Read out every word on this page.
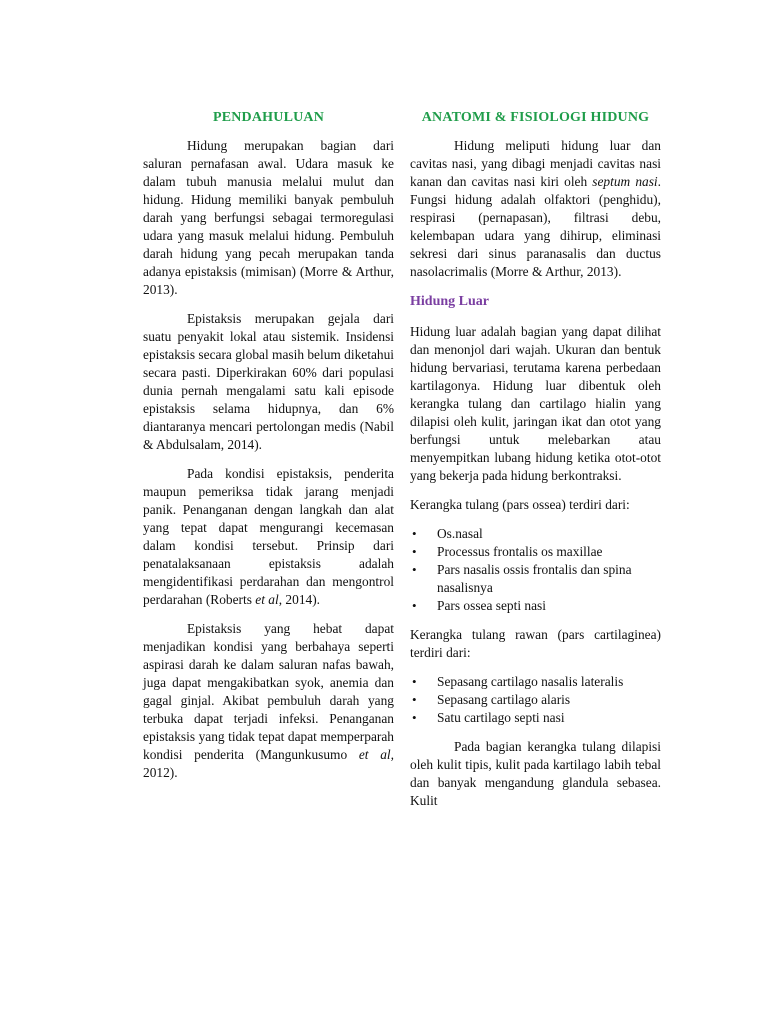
PENDAHULUAN

Hidung merupakan bagian dari saluran pernafasan awal. Udara masuk ke dalam tubuh manusia melalui mulut dan hidung. Hidung memiliki banyak pembuluh darah yang berfungsi sebagai termoregulasi udara yang masuk melalui hidung. Pembuluh darah hidung yang pecah merupakan tanda adanya epistaksis (mimisan) (Morre & Arthur, 2013).

Epistaksis merupakan gejala dari suatu penyakit lokal atau sistemik. Insidensi epistaksis secara global masih belum diketahui secara pasti. Diperkirakan 60% dari populasi dunia pernah mengalami satu kali episode epistaksis selama hidupnya, dan 6% diantaranya mencari pertolongan medis (Nabil & Abdulsalam, 2014).

Pada kondisi epistaksis, penderita maupun pemeriksa tidak jarang menjadi panik. Penanganan dengan langkah dan alat yang tepat dapat mengurangi kecemasan dalam kondisi tersebut. Prinsip dari penatalaksanaan epistaksis adalah mengidentifikasi perdarahan dan mengontrol perdarahan (Roberts et al, 2014).

Epistaksis yang hebat dapat menjadikan kondisi yang berbahaya seperti aspirasi darah ke dalam saluran nafas bawah, juga dapat mengakibatkan syok, anemia dan gagal ginjal. Akibat pembuluh darah yang terbuka dapat terjadi infeksi. Penanganan epistaksis yang tidak tepat dapat memperparah kondisi penderita (Mangunkusumo et al, 2012).

ANATOMI & FISIOLOGI HIDUNG

Hidung meliputi hidung luar dan cavitas nasi, yang dibagi menjadi cavitas nasi kanan dan cavitas nasi kiri oleh septum nasi. Fungsi hidung adalah olfaktori (penghidu), respirasi (pernapasan), filtrasi debu, kelembapan udara yang dihirup, eliminasi sekresi dari sinus paranasalis dan ductus nasolacrimalis (Morre & Arthur, 2013).

Hidung Luar

Hidung luar adalah bagian yang dapat dilihat dan menonjol dari wajah. Ukuran dan bentuk hidung bervariasi, terutama karena perbedaan kartilagonya. Hidung luar dibentuk oleh kerangka tulang dan cartilago hialin yang dilapisi oleh kulit, jaringan ikat dan otot yang berfungsi untuk melebarkan atau menyempitkan lubang hidung ketika otot-otot yang bekerja pada hidung berkontraksi.

Kerangka tulang (pars ossea) terdiri dari:

• Os.nasal
• Processus frontalis os maxillae
• Pars nasalis ossis frontalis dan spina nasalisnya
• Pars ossea septi nasi

Kerangka tulang rawan (pars cartilaginea) terdiri dari:

• Sepasang cartilago nasalis lateralis
• Sepasang cartilago alaris
• Satu cartilago septi nasi

Pada bagian kerangka tulang dilapisi oleh kulit tipis, kulit pada kartilago labih tebal dan banyak mengandung glandula sebasea. Kulit
